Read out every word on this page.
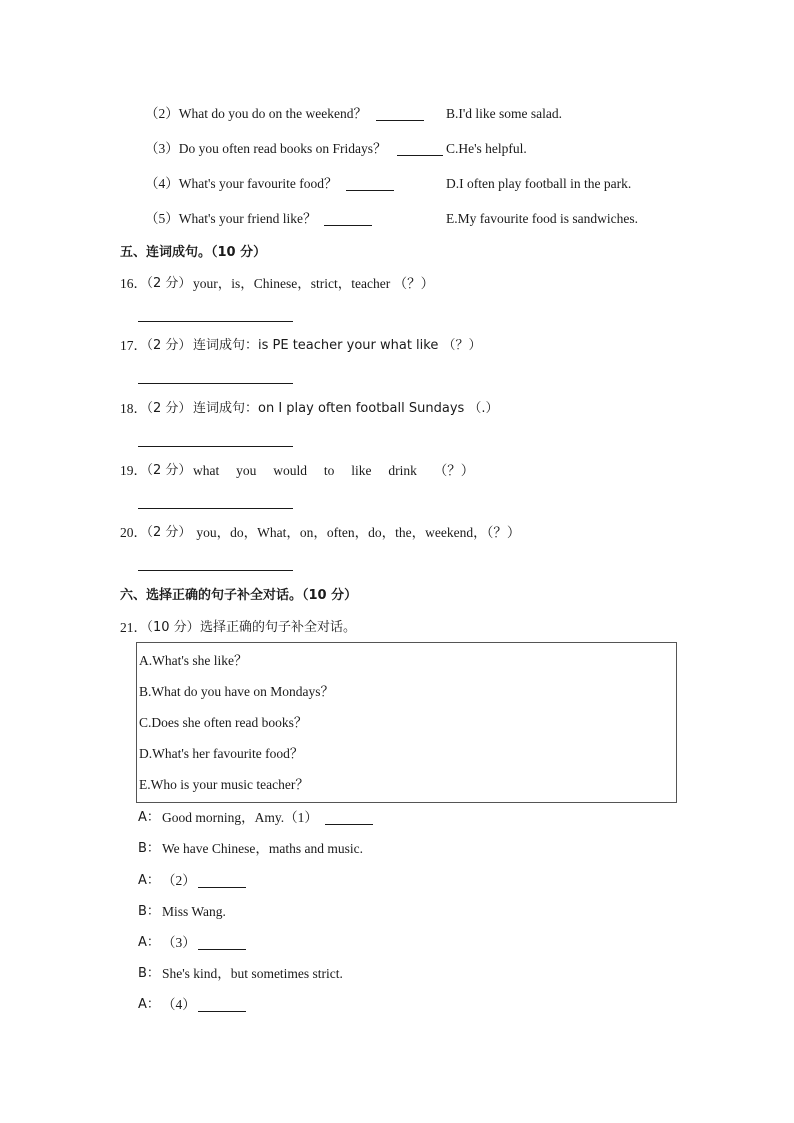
（2）What do you do on the weekend？	B.I'd like some salad.
（3）Do you often read books on Fridays？	C.He's helpful.
（4）What's your favourite food？	D.I often play football in the park.
（5）What's your friend like？	E.My favourite food is sandwiches.
五、连词成句。（10 分）
16．
（2 分） your，is，Chinese，strict，teacher （？）
17．
（2 分） 连词成句：is PE teacher your what like （？）
18．
（2 分） 连词成句：on I play often football Sundays （.）
19．
（2 分） what     you     would     to     like     drink     （？）
20．
（2 分） you，do，What，on，often，do，the，weekend，（？）
六、选择正确的句子补全对话。（10 分）
21．
（10 分） 选择正确的句子补全对话。
A.What's she like？
B.What do you have on Mondays？
C.Does she often read books？
D.What's her favourite food？
E.Who is your music teacher？
A： Good morning，Amy.（1）
B： We have Chinese，maths and music.
A： （2）
B： Miss Wang.
A： （3）
B： She's kind，but sometimes strict.
A： （4）
